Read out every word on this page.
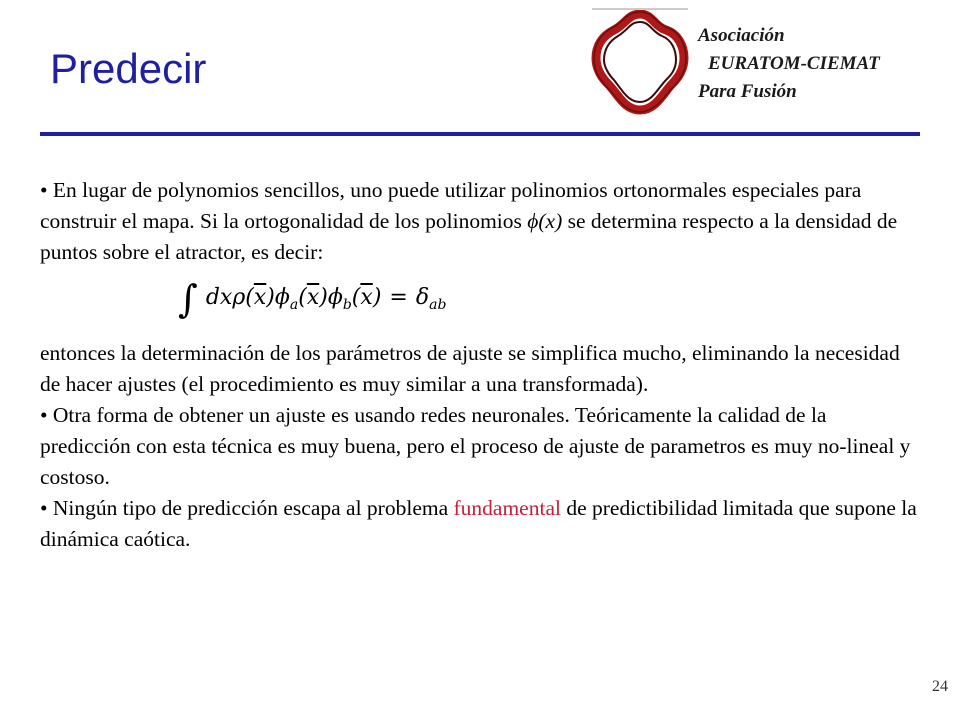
Predecir
Asociación
EURATOM-CIEMAT
Para Fusión

• En lugar de polynomios sencillos, uno puede utilizar polinomios ortonormales especiales para construir el mapa. Si la ortogonalidad de los polinomios ϕ(x) se determina respecto a la densidad de puntos sobre el atractor, es decir:

∫ $dx\rho(\overline{x})\phi_a(\overline{x})\phi_b(\overline{x}) = \delta_{ab}$

entonces la determinación de los parámetros de ajuste se simplifica mucho, eliminando la necesidad de hacer ajustes (el procedimiento es muy similar a una transformada).

• Otra forma de obtener un ajuste es usando redes neuronales. Teóricamente la calidad de la predicción con esta técnica es muy buena, pero el proceso de ajuste de parametros es muy no-lineal y costoso.

• Ningún tipo de predicción escapa al problema fundamental de predictibilidad limitada que supone la dinámica caótica.

24
